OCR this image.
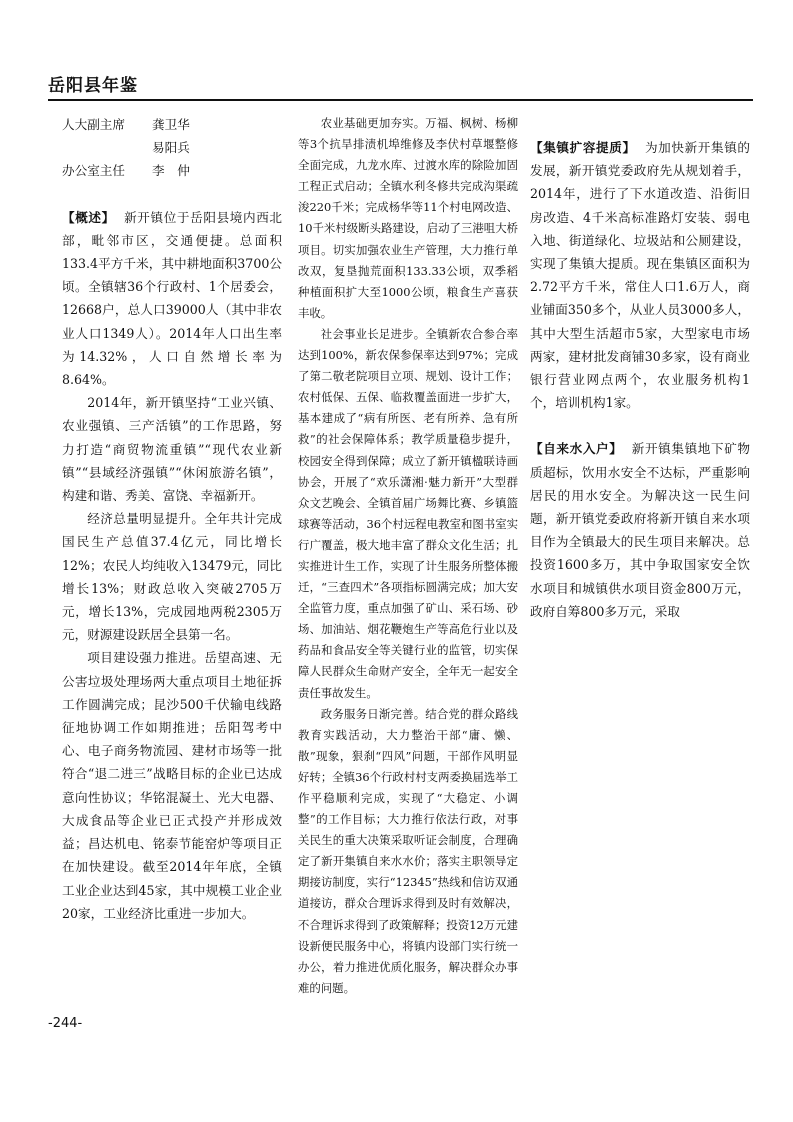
岳阳县年鉴
人大副主席	龚卫华
易阳兵
办公室主任	李　仲

【概述】 新开镇位于岳阳县境内西北部，毗邻市区，交通便捷。总面积133.4平方千米，其中耕地面积3700公顷。全镇辖36个行政村、1个居委会，12668户，总人口39000人（其中非农业人口1349人）。2014年人口出生率为14.32%，人口自然增长率为8.64%。

2014年，新开镇坚持“工业兴镇、农业强镇、三产活镇”的工作思路，努力打造“商贸物流重镇”“现代农业新镇”“县域经济强镇”“休闲旅游名镇”，构建和谐、秀美、富饶、幸福新开。

经济总量明显提升。全年共计完成国民生产总值37.4亿元，同比增长12%；农民人均纯收入13479元，同比增长13%；财政总收入突破2705万元，增长13%，完成园地两税2305万元，财源建设跃居全县第一名。

项目建设强力推进。岳望高速、无公害垃圾处理场两大重点项目土地征拆工作圆满完成；昆沙500千伏输电线路征地协调工作如期推进；岳阳驾考中心、电子商务物流园、建材市场等一批符合“退二进三”战略目标的企业已达成意向性协议；华铭混凝土、光大电器、大成食品等企业已正式投产并形成效益；昌达机电、铭泰节能窑炉等项目正在加快建设。截至2014年年底，全镇工业企业达到45家，其中规模工业企业20家，工业经济比重进一步加大。

农业基础更加夯实。万福、枫树、杨柳等3个抗旱排渍机埠维修及李伏村草堰整修全面完成，九龙水库、过渡水库的除险加固工程正式启动；全镇水利冬修共完成沟渠疏浚220千米；完成杨华等11个村电网改造、10千米村级断头路建设，启动了三港咀大桥项目。切实加强农业生产管理，大力推行单改双，复垦抛荒面积133.33公顷，双季稻种植面积扩大至1000公顷，粮食生产喜获丰收。

社会事业长足进步。全镇新农合参合率达到100%，新农保参保率达到97%；完成了第二敬老院项目立项、规划、设计工作；农村低保、五保、临救覆盖面进一步扩大，基本建成了“病有所医、老有所养、急有所救”的社会保障体系；教学质量稳步提升，校园安全得到保障；成立了新开镇楹联诗画协会，开展了“欢乐潇湘·魅力新开”大型群众文艺晚会、全镇首届广场舞比赛、乡镇篮球赛等活动，36个村远程电教室和图书室实行广覆盖，极大地丰富了群众文化生活；扎实推进计生工作，实现了计生服务所整体搬迁，“三查四术”各项指标圆满完成；加大安全监管力度，重点加强了矿山、采石场、砂场、加油站、烟花鞭炮生产等高危行业以及药品和食品安全等关键行业的监管，切实保障人民群众生命财产安全，全年无一起安全责任事故发生。

政务服务日渐完善。结合党的群众路线教育实践活动，大力整治干部“庸、懒、散”现象，狠刹“四风”问题，干部作风明显好转；全镇36个行政村村支两委换届选举工作平稳顺利完成，实现了“大稳定、小调整”的工作目标；大力推行依法行政，对事关民生的重大决策采取听证会制度，合理确定了新开集镇自来水水价；落实主职领导定期接访制度，实行“12345”热线和信访双通道接访，群众合理诉求得到及时有效解决，不合理诉求得到了政策解释；投资12万元建设新便民服务中心，将镇内设部门实行统一办公，着力推进优质化服务，解决群众办事难的问题。

【集镇扩容提质】 为加快新开集镇的发展，新开镇党委政府先从规划着手，2014年，进行了下水道改造、沿街旧房改造、4千米高标准路灯安装、弱电入地、街道绿化、垃圾站和公厕建设，实现了集镇大提质。现在集镇区面积为2.72平方千米，常住人口1.6万人，商业铺面350多个，从业人员3000多人，其中大型生活超市5家，大型家电市场两家，建材批发商铺30多家，设有商业银行营业网点两个，农业服务机构1个，培训机构1家。

【自来水入户】 新开镇集镇地下矿物质超标，饮用水安全不达标，严重影响居民的用水安全。为解决这一民生问题，新开镇党委政府将新开镇自来水项目作为全镇最大的民生项目来解决。总投资1600多万，其中争取国家安全饮水项目和城镇供水项目资金800万元，政府自筹800多万元，采取

-244-
